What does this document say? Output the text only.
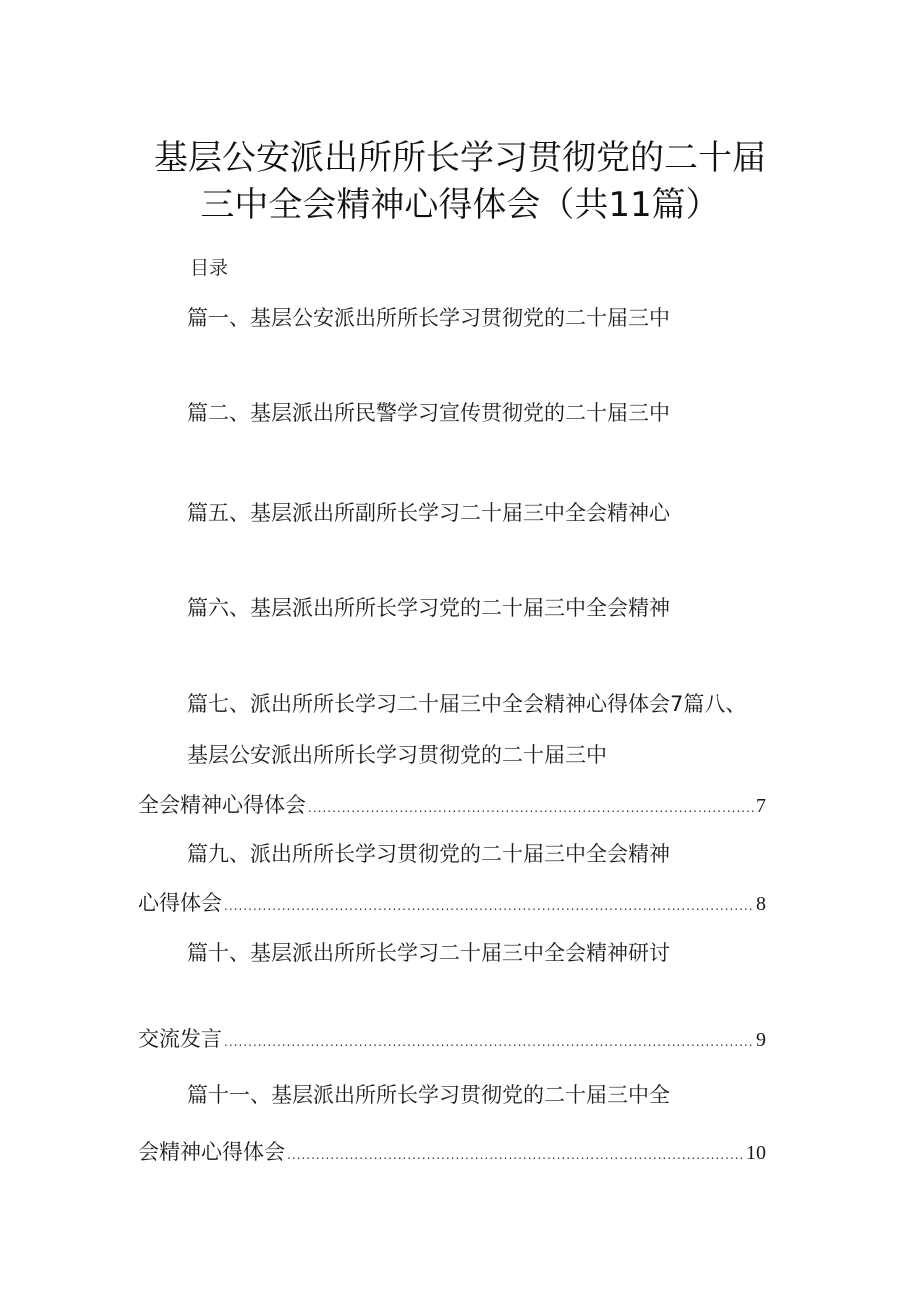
基层公安派出所所长学习贯彻党的二十届
三中全会精神心得体会（共11篇）
目录
篇一、基层公安派出所所长学习贯彻党的二十届三中
篇二、基层派出所民警学习宣传贯彻党的二十届三中
篇五、基层派出所副所长学习二十届三中全会精神心
篇六、基层派出所所长学习党的二十届三中全会精神
篇七、派出所所长学习二十届三中全会精神心得体会7篇八、
基层公安派出所所长学习贯彻党的二十届三中
全会精神心得体会 .....	7
篇九、派出所所长学习贯彻党的二十届三中全会精神
心得体会 .....	8
篇十、基层派出所所长学习二十届三中全会精神研讨
交流发言 .....	9
篇十一、基层派出所所长学习贯彻党的二十届三中全
会精神心得体会 .....	10
